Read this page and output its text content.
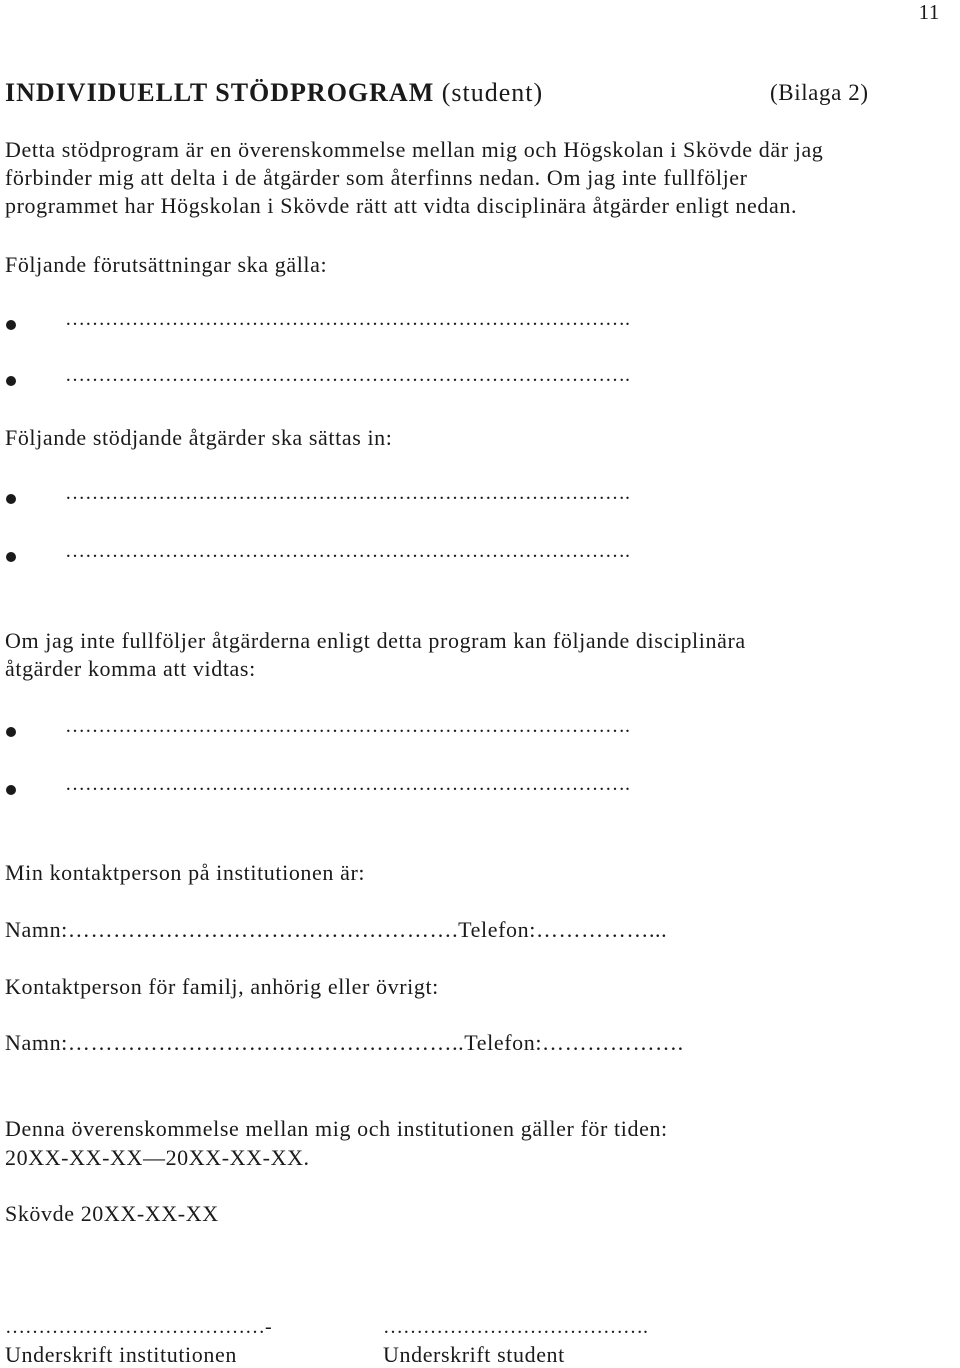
11
INDIVIDUELLT STÖDPROGRAM (student)	(Bilaga 2)
Detta stödprogram är en överenskommelse mellan mig och Högskolan i Skövde där jag
förbinder mig att delta i de åtgärder som återfinns nedan. Om jag inte fullföljer
programmet har Högskolan i Skövde rätt att vidta disciplinära åtgärder enligt nedan.
Följande förutsättningar ska gälla:
………………………………………………………………………….
………………………………………………………………………….
Följande stödjande åtgärder ska sättas in:
………………………………………………………………………….
………………………………………………………………………….
Om jag inte fullföljer åtgärderna enligt detta program kan följande disciplinära
åtgärder komma att vidtas:
………………………………………………………………………….
………………………………………………………………………….
Min kontaktperson på institutionen är:
Namn:…………………………………………….Telefon:……………...
Kontaktperson för familj, anhörig eller övrigt:
Namn:……………………………………………..Telefon:……………….
Denna överenskommelse mellan mig och institutionen gäller för tiden:
20XX-XX-XX—20XX-XX-XX.
Skövde 20XX-XX-XX
…………………………………-	………………………………….
Underskrift institutionen	Underskrift student
